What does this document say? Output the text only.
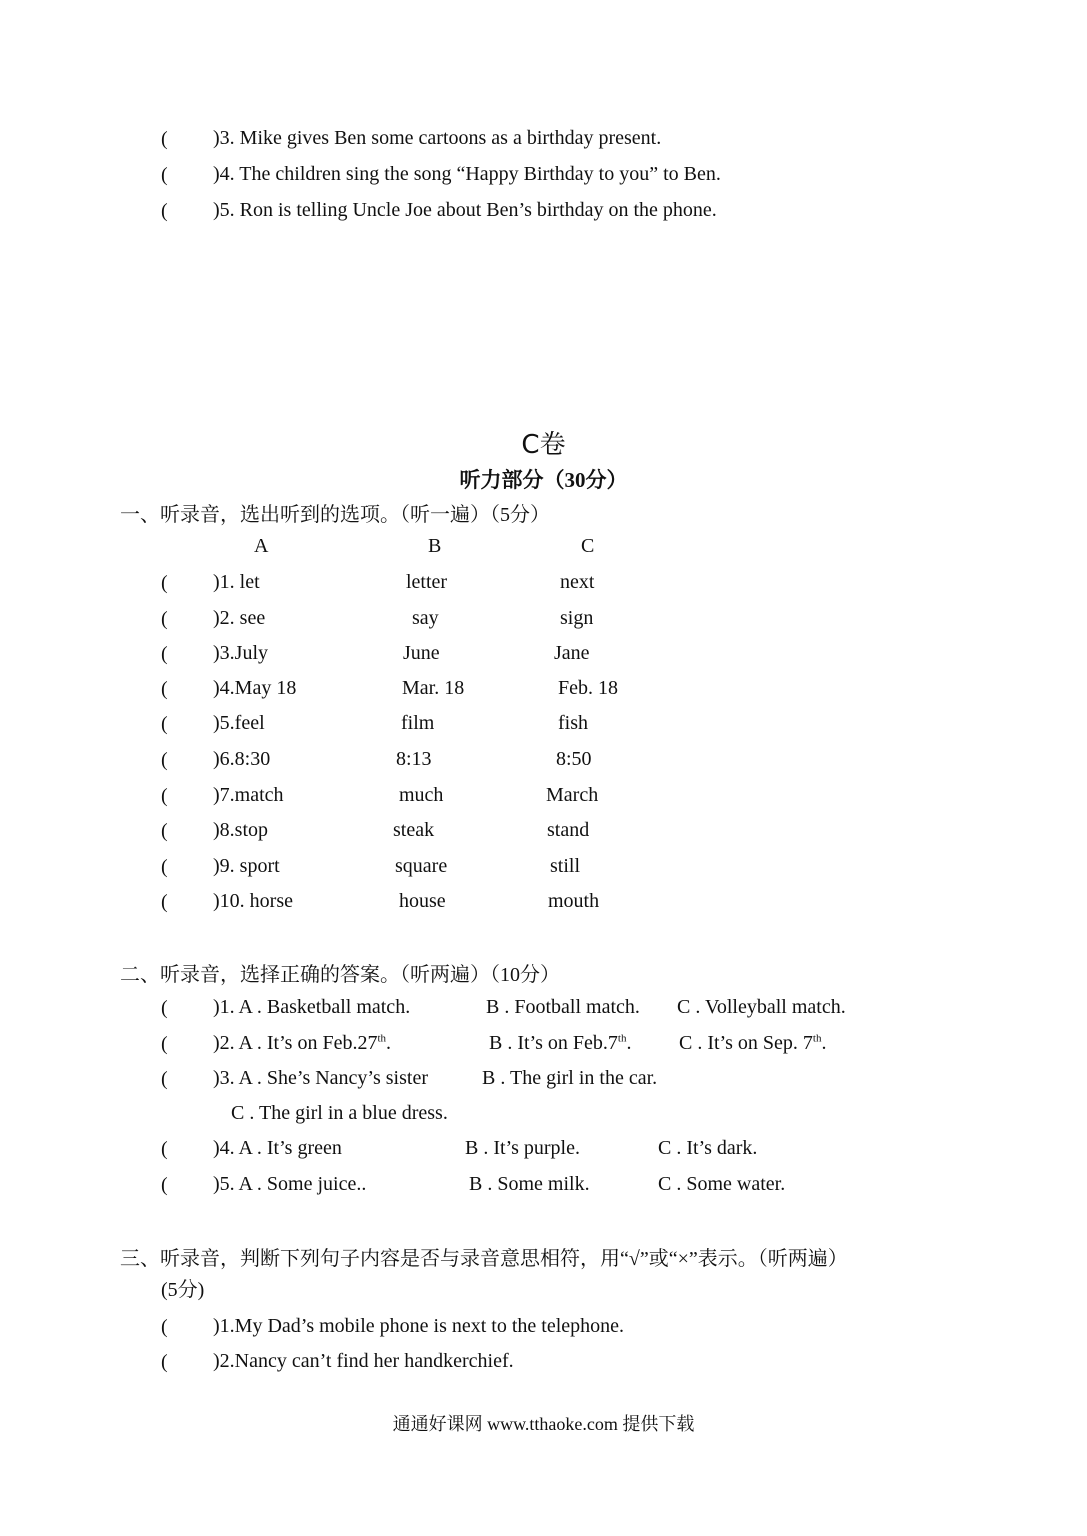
( )3. Mike gives Ben some cartoons as a birthday present.
( )4. The children sing the song “Happy Birthday to you” to Ben.
( )5. Ron is telling Uncle Joe about Ben’s birthday on the phone.
C卷
听力部分（30分）
一、听录音，选出听到的选项。（听一遍）（5分）
A	B	C
( )1. let	letter	next
( )2. see	say	sign
( )3.July	June	Jane
( )4.May 18	Mar. 18	Feb. 18
( )5.feel	film	fish
( )6.8:30	8:13	8:50
( )7.match	much	March
( )8.stop	steak	stand
( )9. sport	square	still
( )10. horse	house	mouth
二、听录音，选择正确的答案。（听两遍）（10分）
( )1. A . Basketball match.	B . Football match. C . Volleyball match.
( )2. A . It’s on Feb.27th.	B . It’s on Feb.7th. C . It’s on Sep. 7th.
( )3. A . She’s Nancy’s sister	B . The girl in the car.
C . The girl in a blue dress.
( )4. A . It’s green	B . It’s purple.	C . It’s dark.
( )5. A . Some juice..	B . Some milk.	C . Some water.
三、听录音，判断下列句子内容是否与录音意思相符，用“√”或“×”表示。（听两遍）
(5分)
( )1.My Dad’s mobile phone is next to the telephone.
( )2.Nancy can’t find her handkerchief.
通通好课网 www.tthaoke.com 提供下载
